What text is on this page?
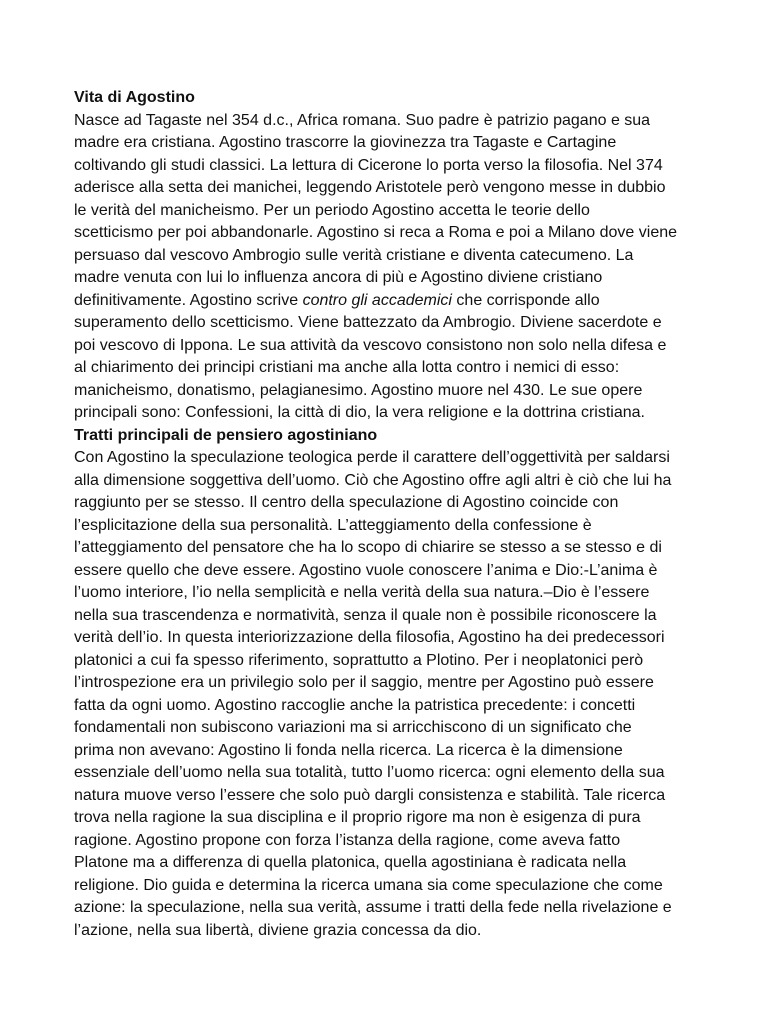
Vita di Agostino
Nasce ad Tagaste nel 354 d.c., Africa romana. Suo padre è patrizio pagano e sua
madre era cristiana. Agostino trascorre la giovinezza tra Tagaste e Cartagine
coltivando gli studi classici. La lettura di Cicerone lo porta verso la filosofia. Nel 374
aderisce alla setta dei manichei, leggendo Aristotele però vengono messe in dubbio
le verità del manicheismo. Per un periodo Agostino accetta le teorie dello
scetticismo per poi abbandonarle. Agostino si reca a Roma e poi a Milano dove viene
persuaso dal vescovo Ambrogio sulle verità cristiane e diventa catecumeno. La
madre venuta con lui lo influenza ancora di più e Agostino diviene cristiano
definitivamente. Agostino scrive contro gli accademici che corrisponde allo
superamento dello scetticismo. Viene battezzato da Ambrogio. Diviene sacerdote e
poi vescovo di Ippona. Le sua attività da vescovo consistono non solo nella difesa e
al chiarimento dei principi cristiani ma anche alla lotta contro i nemici di esso:
manicheismo, donatismo, pelagianesimo. Agostino muore nel 430. Le sue opere
principali sono: Confessioni, la città di dio, la vera religione e la dottrina cristiana.
Tratti principali de pensiero agostiniano
Con Agostino la speculazione teologica perde il carattere dell’oggettività per saldarsi
alla dimensione soggettiva dell’uomo. Ciò che Agostino offre agli altri è ciò che lui ha
raggiunto per se stesso. Il centro della speculazione di Agostino coincide con
l’esplicitazione della sua personalità. L’atteggiamento della confessione è
l’atteggiamento del pensatore che ha lo scopo di chiarire se stesso a se stesso e di
essere quello che deve essere. Agostino vuole conoscere l’anima e Dio:-L’anima è
l’uomo interiore, l’io nella semplicità e nella verità della sua natura.–Dio è l’essere
nella sua trascendenza e normatività, senza il quale non è possibile riconoscere la
verità dell’io. In questa interiorizzazione della filosofia, Agostino ha dei predecessori
platonici a cui fa spesso riferimento, soprattutto a Plotino. Per i neoplatonici però
l’introspezione era un privilegio solo per il saggio, mentre per Agostino può essere
fatta da ogni uomo. Agostino raccoglie anche la patristica precedente: i concetti
fondamentali non subiscono variazioni ma si arricchiscono di un significato che
prima non avevano: Agostino li fonda nella ricerca. La ricerca è la dimensione
essenziale dell’uomo nella sua totalità, tutto l’uomo ricerca: ogni elemento della sua
natura muove verso l’essere che solo può dargli consistenza e stabilità. Tale ricerca
trova nella ragione la sua disciplina e il proprio rigore ma non è esigenza di pura
ragione. Agostino propone con forza l’istanza della ragione, come aveva fatto
Platone ma a differenza di quella platonica, quella agostiniana è radicata nella
religione. Dio guida e determina la ricerca umana sia come speculazione che come
azione: la speculazione, nella sua verità, assume i tratti della fede nella rivelazione e
l’azione, nella sua libertà, diviene grazia concessa da dio.
